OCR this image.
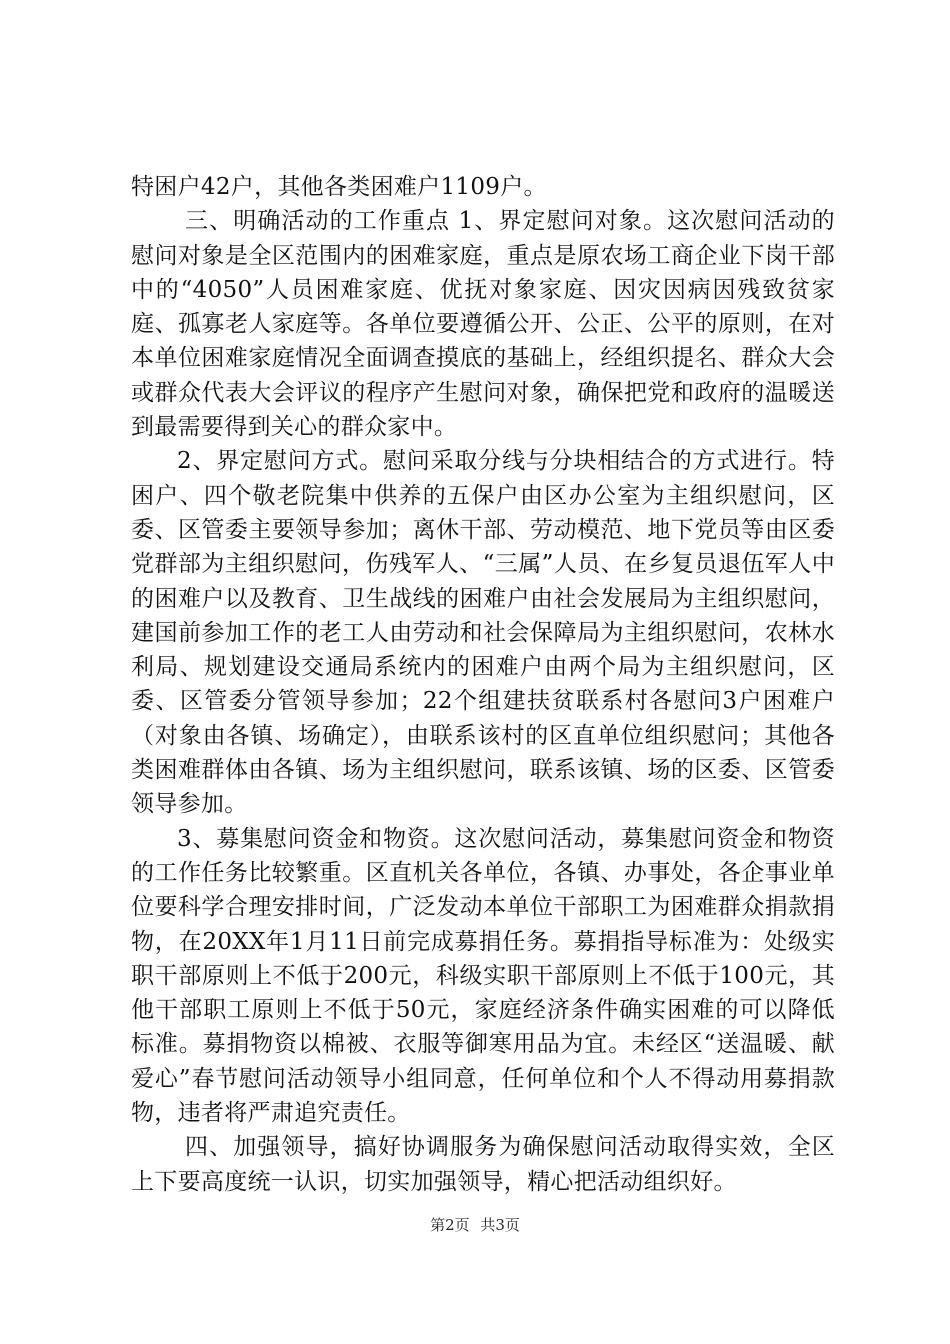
特困户42户，其他各类困难户1109户。

三、明确活动的工作重点 1、界定慰问对象。这次慰问活动的慰问对象是全区范围内的困难家庭，重点是原农场工商企业下岗干部中的“4050”人员困难家庭、优抚对象家庭、因灾因病因残致贫家庭、孤寡老人家庭等。各单位要遵循公开、公正、公平的原则，在对本单位困难家庭情况全面调查摸底的基础上，经组织提名、群众大会或群众代表大会评议的程序产生慰问对象，确保把党和政府的温暖送到最需要得到关心的群众家中。

2、界定慰问方式。慰问采取分线与分块相结合的方式进行。特困户、四个敬老院集中供养的五保户由区办公室为主组织慰问，区委、区管委主要领导参加；离休干部、劳动模范、地下党员等由区委党群部为主组织慰问，伤残军人、“三属”人员、在乡复员退伍军人中的困难户以及教育、卫生战线的困难户由社会发展局为主组织慰问，建国前参加工作的老工人由劳动和社会保障局为主组织慰问，农林水利局、规划建设交通局系统内的困难户由两个局为主组织慰问，区委、区管委分管领导参加；22个组建扶贫联系村各慰问3户困难户（对象由各镇、场确定），由联系该村的区直单位组织慰问；其他各类困难群体由各镇、场为主组织慰问，联系该镇、场的区委、区管委领导参加。

3、募集慰问资金和物资。这次慰问活动，募集慰问资金和物资的工作任务比较繁重。区直机关各单位，各镇、办事处，各企事业单位要科学合理安排时间，广泛发动本单位干部职工为困难群众捐款捐物，在20XX年1月11日前完成募捐任务。募捐指导标准为：处级实职干部原则上不低于200元，科级实职干部原则上不低于100元，其他干部职工原则上不低于50元，家庭经济条件确实困难的可以降低标准。募捐物资以棉被、衣服等御寒用品为宜。未经区“送温暖、献爱心”春节慰问活动领导小组同意，任何单位和个人不得动用募捐款物，违者将严肃追究责任。

四、加强领导，搞好协调服务为确保慰问活动取得实效，全区上下要高度统一认识，切实加强领导，精心把活动组织好。

第2页 共3页
